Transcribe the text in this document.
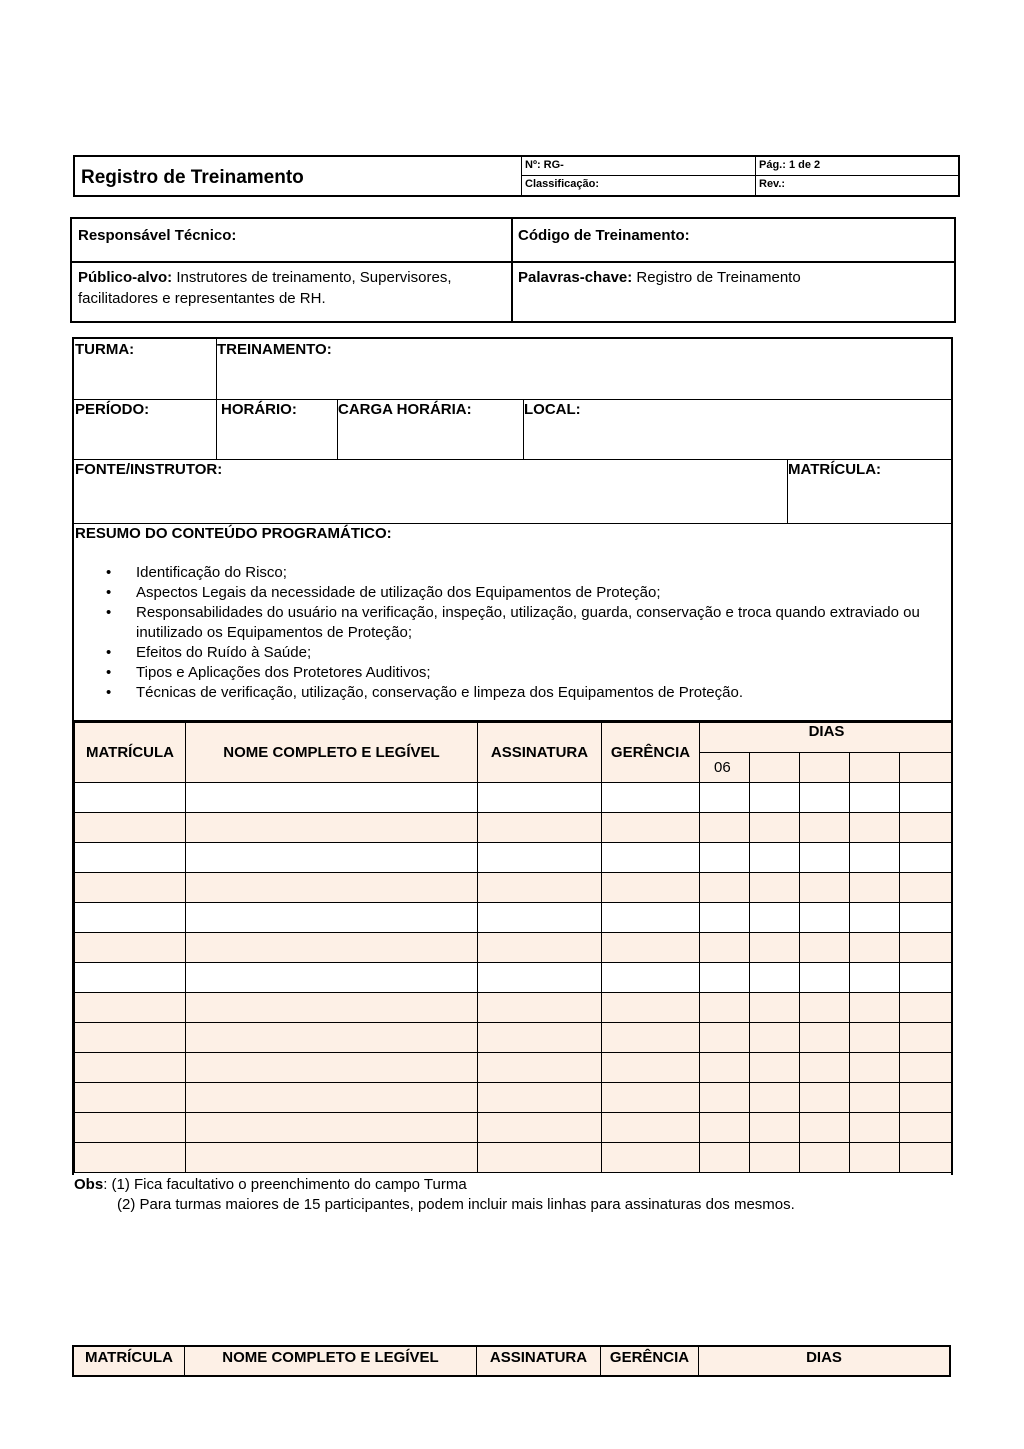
Registro de Treinamento
Nº: RG-	Pág.: 1 de 2
Classificação:	Rev.:
Responsável Técnico:	Código de Treinamento:
Público-alvo: Instrutores de treinamento, Supervisores,
facilitadores e representantes de RH.
Palavras-chave: Registro de Treinamento
TURMA:	TREINAMENTO:
PERÍODO:	HORÁRIO:	CARGA HORÁRIA:	LOCAL:
FONTE/INSTRUTOR:	MATRÍCULA:
RESUMO DO CONTEÚDO PROGRAMÁTICO:
• Identificação do Risco;
• Aspectos Legais da necessidade de utilização dos Equipamentos de Proteção;
• Responsabilidades do usuário na verificação, inspeção, utilização, guarda, conservação e troca quando extraviado ou inutilizado os Equipamentos de Proteção;
• Efeitos do Ruído à Saúde;
• Tipos e Aplicações dos Protetores Auditivos;
• Técnicas de verificação, utilização, conservação e limpeza dos Equipamentos de Proteção.
MATRÍCULA	NOME COMPLETO E LEGÍVEL	ASSINATURA	GERÊNCIA	DIAS				
				06				

Obs: (1) Fica facultativo o preenchimento do campo Turma
(2) Para turmas maiores de 15 participantes, podem incluir mais linhas para assinaturas dos mesmos.
MATRÍCULA	NOME COMPLETO E LEGÍVEL	ASSINATURA	GERÊNCIA	DIAS
